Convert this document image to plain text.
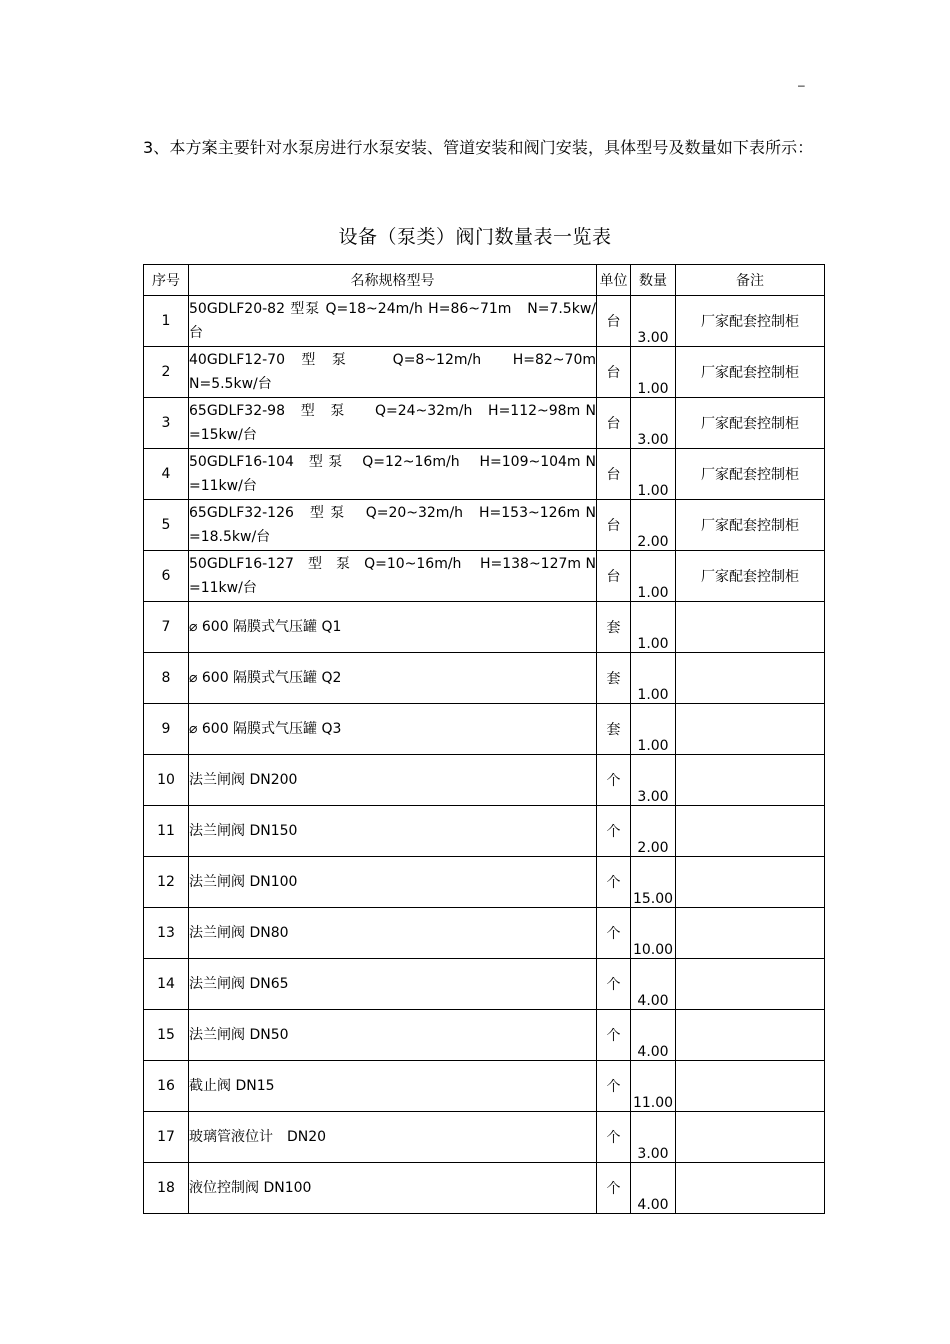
–

3、本方案主要针对水泵房进行水泵安装、管道安装和阀门安装，具体型号及数量如下表所示：

设备（泵类）阀门数量表一览表
序号	名称规格型号	单位	数量	备注
1	50GDLF20-82 型泵 Q=18~24m/h H=86~71m　N=7.5kw/台	台	3.00	厂家配套控制柜
2	40GDLF12-70　型　泵　　　Q=8~12m/h　　H=82~70m N=5.5kw/台	台	1.00	厂家配套控制柜
3	65GDLF32-98　型　泵　　Q=24~32m/h　H=112~98m N=15kw/台	台	3.00	厂家配套控制柜
4	50GDLF16-104　型 泵　 Q=12~16m/h　 H=109~104m N=11kw/台	台	1.00	厂家配套控制柜
5	65GDLF32-126　型 泵　 Q=20~32m/h　H=153~126m N=18.5kw/台	台	2.00	厂家配套控制柜
6	50GDLF16-127　型　泵　Q=10~16m/h　 H=138~127m N=11kw/台	台	1.00	厂家配套控制柜
7	⌀ 600 隔膜式气压罐 Q1	套	1.00	
8	⌀ 600 隔膜式气压罐 Q2	套	1.00	
9	⌀ 600 隔膜式气压罐 Q3	套	1.00	
10	法兰闸阀 DN200	个	3.00	
11	法兰闸阀 DN150	个	2.00	
12	法兰闸阀 DN100	个	15.00	
13	法兰闸阀 DN80	个	10.00	
14	法兰闸阀 DN65	个	4.00	
15	法兰闸阀 DN50	个	4.00	
16	截止阀 DN15	个	11.00	
17	玻璃管液位计　DN20	个	3.00	
18	液位控制阀 DN100	个	4.00	
